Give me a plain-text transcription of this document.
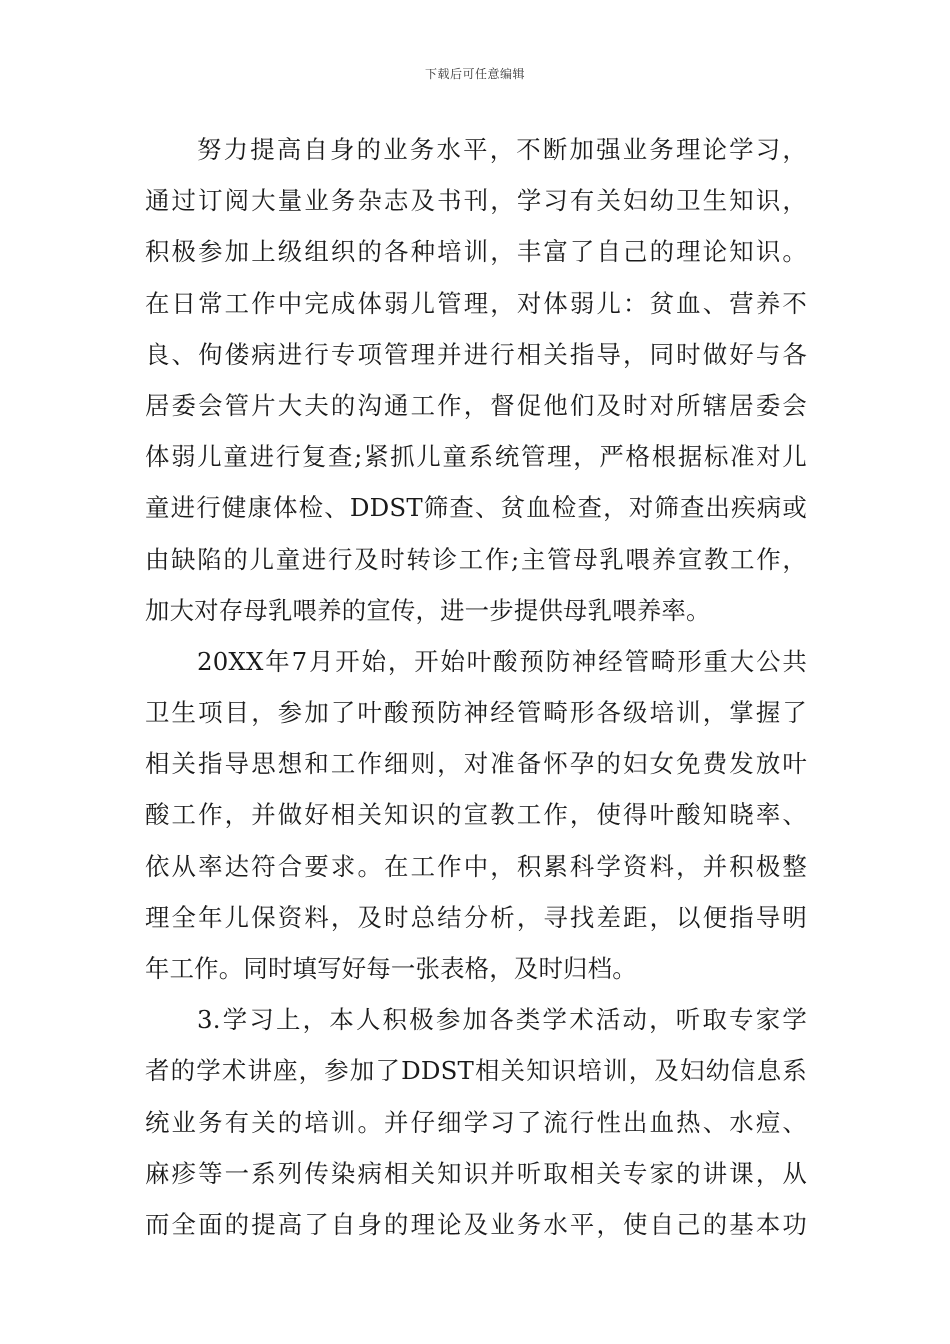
下载后可任意编辑
努力提高自身的业务水平，不断加强业务理论学习，
通过订阅大量业务杂志及书刊，学习有关妇幼卫生知识，
积极参加上级组织的各种培训，丰富了自己的理论知识。
在日常工作中完成体弱儿管理，对体弱儿：贫血、营养不
良、佝偻病进行专项管理并进行相关指导，同时做好与各
居委会管片大夫的沟通工作，督促他们及时对所辖居委会
体弱儿童进行复查;紧抓儿童系统管理，严格根据标准对儿
童进行健康体检、DDST筛查、贫血检查，对筛查出疾病或
由缺陷的儿童进行及时转诊工作;主管母乳喂养宣教工作，
加大对存母乳喂养的宣传，进一步提供母乳喂养率。
20XX年7月开始，开始叶酸预防神经管畸形重大公共
卫生项目，参加了叶酸预防神经管畸形各级培训，掌握了
相关指导思想和工作细则，对准备怀孕的妇女免费发放叶
酸工作，并做好相关知识的宣教工作，使得叶酸知晓率、
依从率达符合要求。在工作中，积累科学资料，并积极整
理全年儿保资料，及时总结分析，寻找差距，以便指导明
年工作。同时填写好每一张表格，及时归档。
3.学习上，本人积极参加各类学术活动，听取专家学
者的学术讲座，参加了DDST相关知识培训，及妇幼信息系
统业务有关的培训。并仔细学习了流行性出血热、水痘、
麻疹等一系列传染病相关知识并听取相关专家的讲课，从
而全面的提高了自身的理论及业务水平，使自己的基本功
